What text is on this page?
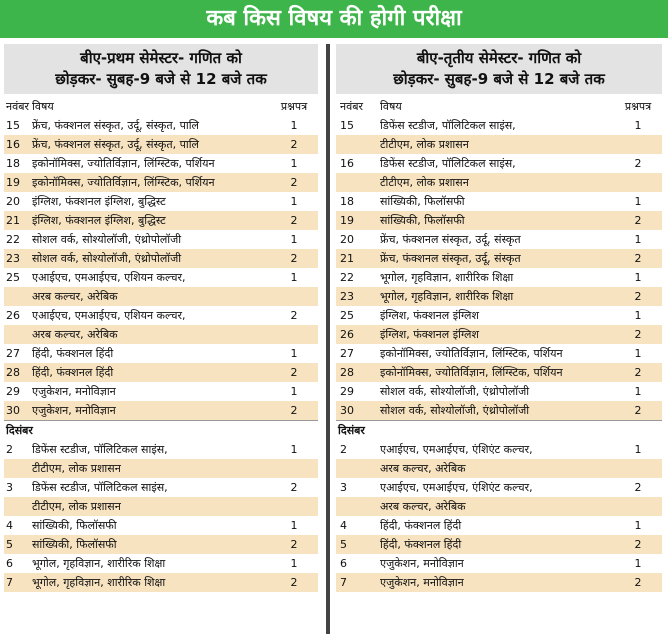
कब किस विषय की होगी परीक्षा
बीए-प्रथम सेमेस्टर- गणित को
छोड़कर- सुबह-9 बजे से 12 बजे तक
नवंबर विषय	प्रश्नपत्र
15	फ्रेंच, फंक्शनल संस्कृत, उर्दू, संस्कृत, पालि	1
16	फ्रेंच, फंक्शनल संस्कृत, उर्दू, संस्कृत, पालि	2
18	इकोनॉमिक्स, ज्योतिर्विज्ञान, लिंग्स्टिक, पर्शियन	1
19	इकोनॉमिक्स, ज्योतिर्विज्ञान, लिंग्स्टिक, पर्शियन	2
20	इंग्लिश, फंक्शनल इंग्लिश, बुद्धिस्ट	1
21	इंग्लिश, फंक्शनल इंग्लिश, बुद्धिस्ट	2
22	सोशल वर्क, सोश्योलॉजी, एंथ्रोपोलॉजी	1
23	सोशल वर्क, सोश्योलॉजी, एंथ्रोपोलॉजी	2
25	एआईएच, एमआईएच, एशियन कल्चर,	1
अरब कल्चर, अरेबिक
26	एआईएच, एमआईएच, एशियन कल्चर,	2
अरब कल्चर, अरेबिक
27	हिंदी, फंक्शनल हिंदी	1
28	हिंदी, फंक्शनल हिंदी	2
29	एजुकेशन, मनोविज्ञान	1
30	एजुकेशन, मनोविज्ञान	2
दिसंबर
2	डिफेंस स्टडीज, पॉलिटिकल साइंस,	1
टीटीएम, लोक प्रशासन
3	डिफेंस स्टडीज, पॉलिटिकल साइंस,	2
टीटीएम, लोक प्रशासन
4	सांख्यिकी, फिलॉसफी	1
5	सांख्यिकी, फिलॉसफी	2
6	भूगोल, गृहविज्ञान, शारीरिक शिक्षा	1
7	भूगोल, गृहविज्ञान, शारीरिक शिक्षा	2
बीए-तृतीय सेमेस्टर- गणित को
छोड़कर- सुबह-9 बजे से 12 बजे तक
नवंबर	विषय	प्रश्नपत्र
15	डिफेंस स्टडीज, पॉलिटिकल साइंस,	1
टीटीएम, लोक प्रशासन
16	डिफेंस स्टडीज, पॉलिटिकल साइंस,	2
टीटीएम, लोक प्रशासन
18	सांख्यिकी, फिलॉसफी	1
19	सांख्यिकी, फिलॉसफी	2
20	फ्रेंच, फंक्शनल संस्कृत, उर्दू, संस्कृत	1
21	फ्रेंच, फंक्शनल संस्कृत, उर्दू, संस्कृत	2
22	भूगोल, गृहविज्ञान, शारीरिक शिक्षा	1
23	भूगोल, गृहविज्ञान, शारीरिक शिक्षा	2
25	इंग्लिश, फंक्शनल इंग्लिश	1
26	इंग्लिश, फंक्शनल इंग्लिश	2
27	इकोनॉमिक्स, ज्योतिर्विज्ञान, लिंग्स्टिक, पर्शियन	1
28	इकोनॉमिक्स, ज्योतिर्विज्ञान, लिंग्स्टिक, पर्शियन	2
29	सोशल वर्क, सोश्योलॉजी, एंथ्रोपोलॉजी	1
30	सोशल वर्क, सोश्योलॉजी, एंथ्रोपोलॉजी	2
दिसंबर
2	एआईएच, एमआईएच, एंशिएंट कल्चर,	1
अरब कल्चर, अरेबिक
3	एआईएच, एमआईएच, एंशिएंट कल्चर,	2
अरब कल्चर, अरेबिक
4	हिंदी, फंक्शनल हिंदी	1
5	हिंदी, फंक्शनल हिंदी	2
6	एजुकेशन, मनोविज्ञान	1
7	एजुकेशन, मनोविज्ञान	2
